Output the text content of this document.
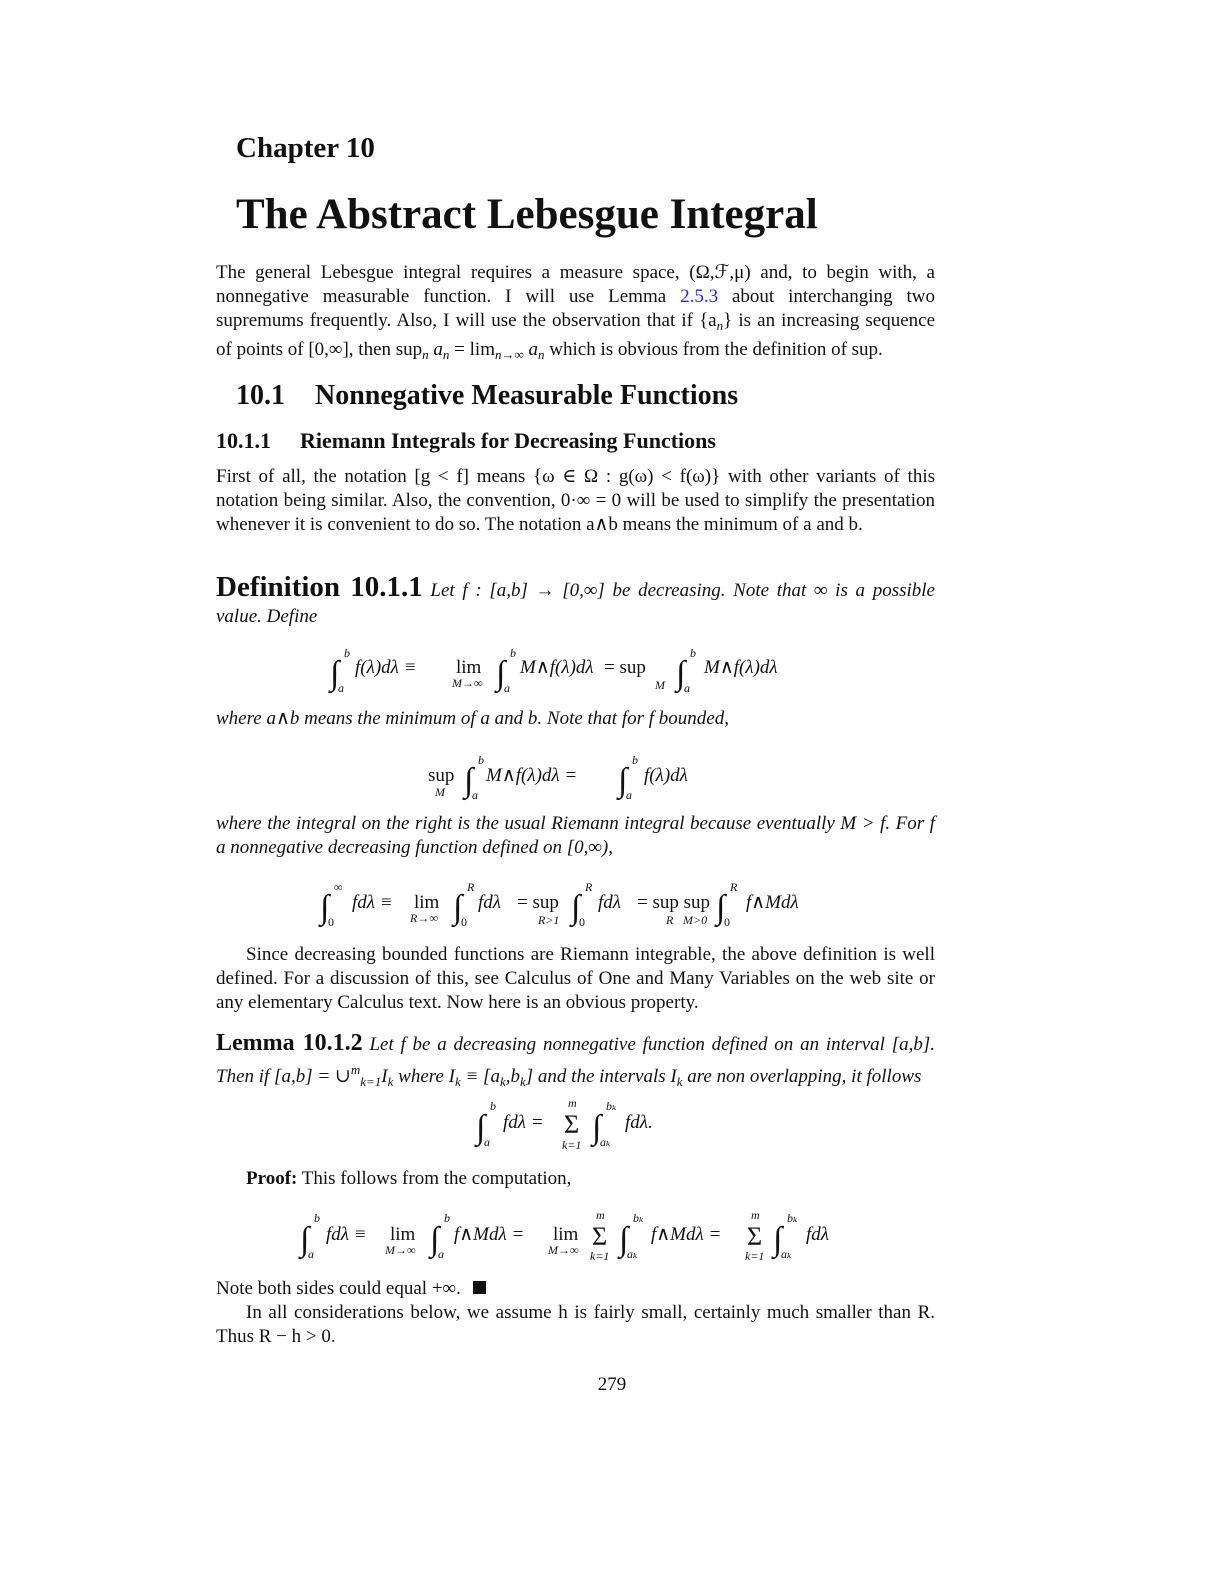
Chapter 10
The Abstract Lebesgue Integral
The general Lebesgue integral requires a measure space, (Ω,ℱ,μ) and, to begin with, a nonnegative measurable function. I will use Lemma 2.5.3 about interchanging two supremums frequently. Also, I will use the observation that if $\{a_n\}$ is an increasing sequence of points of [0,∞], then sup$_n$ $a_n = \lim_{n\to\infty} a_n$ which is obvious from the definition of sup.
10.1 Nonnegative Measurable Functions
10.1.1 Riemann Integrals for Decreasing Functions
First of all, the notation [g < f] means {ω ∈ Ω : g(ω) < f(ω)} with other variants of this notation being similar. Also, the convention, 0·∞ = 0 will be used to simplify the presentation whenever it is convenient to do so. The notation a∧b means the minimum of a and b.
Definition 10.1.1 Let f : [a,b] → [0,∞] be decreasing. Note that ∞ is a possible value. Define
∫
b
a
f(λ)dλ ≡ lim
M→∞ ∫
b
a
M∧f(λ)dλ = sup
M ∫
b
a
M∧f(λ)dλ
where a∧b means the minimum of a and b. Note that for f bounded,
sup
M ∫
b
a
M∧f(λ)dλ = ∫
b
a
f(λ)dλ
where the integral on the right is the usual Riemann integral because eventually M > f. For f a nonnegative decreasing function defined on [0,∞),
∫
∞
0
fdλ ≡ lim
R→∞ ∫
R
0
fdλ = sup
R>1 ∫
R
0
fdλ = sup sup
R M>0 ∫
R
0
f∧Mdλ
Since decreasing bounded functions are Riemann integrable, the above definition is well defined. For a discussion of this, see Calculus of One and Many Variables on the web site or any elementary Calculus text. Now here is an obvious property.
Lemma 10.1.2 Let f be a decreasing nonnegative function defined on an interval [a,b]. Then if $[a,b] = \cup^m_{k=1}I_k$ where $I_k \equiv [a_k,b_k]$ and the intervals $I_k$ are non overlapping, it follows
∫
b
a
fdλ =
m
Σ
k=1 ∫
bₖ
aₖ
fdλ.
Proof: This follows from the computation,
∫
b
a
fdλ ≡ lim
M→∞ ∫
b
a
f∧Mdλ = lim
M→∞
m
Σ
k=1 ∫
bₖ
aₖ
f∧Mdλ =
m
Σ
k=1 ∫
bₖ
aₖ
fdλ
Note both sides could equal +∞.
In all considerations below, we assume h is fairly small, certainly much smaller than R. Thus R − h > 0.
279
